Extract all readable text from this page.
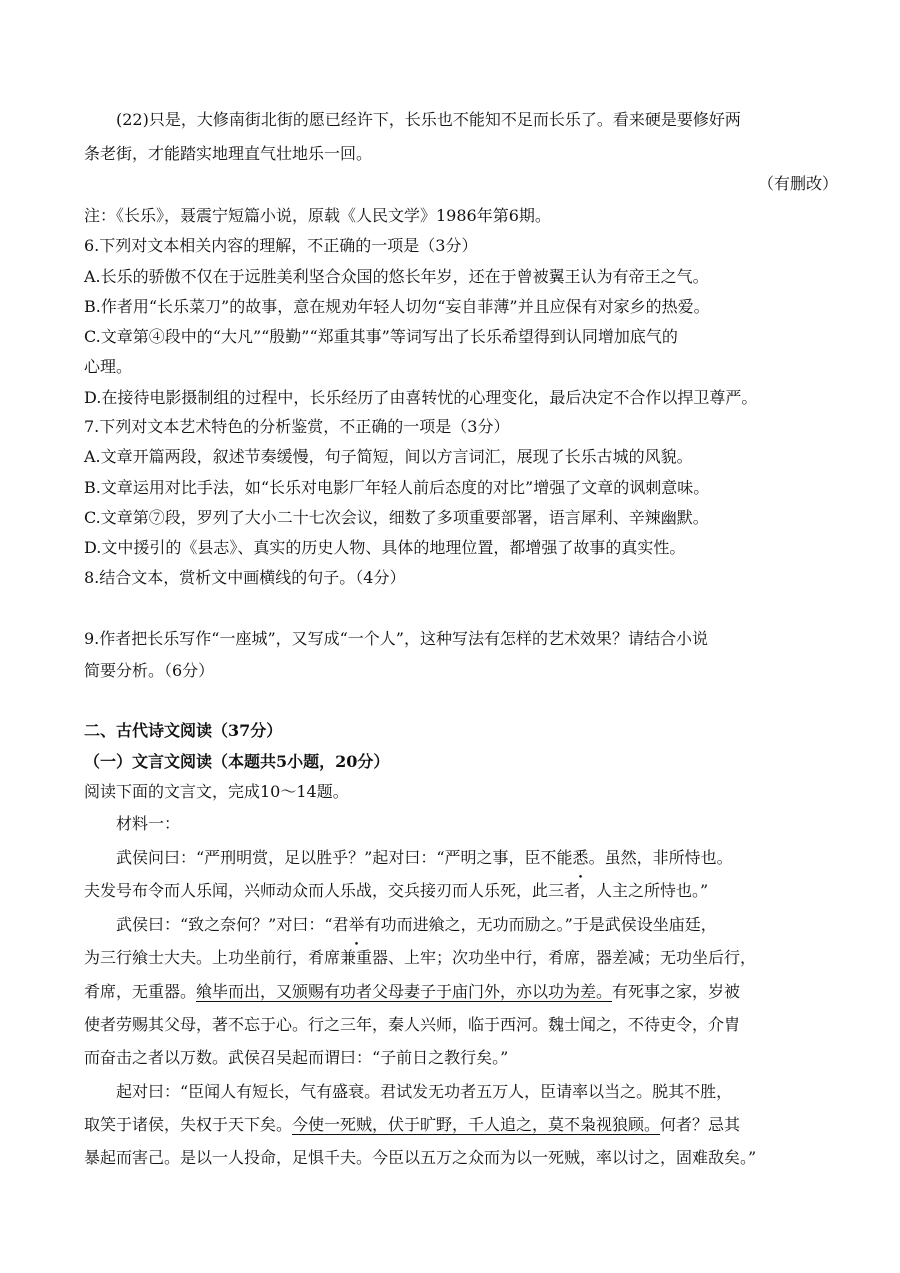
(22)只是，大修南街北街的愿已经许下，长乐也不能知不足而长乐了。看来硬是要修好两
条老街，才能踏实地理直气壮地乐一回。
（有删改）
注：《长乐》，聂震宁短篇小说，原载《人民文学》1986年第6期。
6.下列对文本相关内容的理解，不正确的一项是（3分）
A.长乐的骄傲不仅在于远胜美利坚合众国的悠长年岁，还在于曾被翼王认为有帝王之气。
B.作者用“长乐菜刀”的故事，意在规劝年轻人切勿“妄自菲薄”并且应保有对家乡的热爱。
C.文章第④段中的“大凡”“殷勤”“郑重其事”等词写出了长乐希望得到认同增加底气的
心理。
D.在接待电影摄制组的过程中，长乐经历了由喜转忧的心理变化，最后决定不合作以捍卫尊严。
7.下列对文本艺术特色的分析鉴赏，不正确的一项是（3分）
A.文章开篇两段，叙述节奏缓慢，句子简短，间以方言词汇，展现了长乐古城的风貌。
B.文章运用对比手法，如“长乐对电影厂年轻人前后态度的对比”增强了文章的讽刺意味。
C.文章第⑦段，罗列了大小二十七次会议，细数了多项重要部署，语言犀利、辛辣幽默。
D.文中援引的《县志》、真实的历史人物、具体的地理位置，都增强了故事的真实性。
8.结合文本，赏析文中画横线的句子。（4分）
9.作者把长乐写作“一座城”，又写成“一个人”，这种写法有怎样的艺术效果？请结合小说
简要分析。（6分）
二、古代诗文阅读（37分）
（一）文言文阅读（本题共5小题，20分）
阅读下面的文言文，完成10～14题。
材料一：
武侯问曰：“严刑明赏，足以胜乎？”起对曰：“严明之事，臣不能悉。虽然，非所恃也。
夫发号布令而人乐闻，兴师动众而人乐战，交兵接刃而人乐死，此三者，人主之所恃也。”
武侯曰：“致之奈何？”对曰：“君举有功而进飨之，无功而励之。”于是武侯设坐庙廷，
为三行飨士大夫。上功坐前行，肴席兼重器、上牢；次功坐中行，肴席，器差减；无功坐后行，
肴席，无重器。飨毕而出，又颁赐有功者父母妻子于庙门外，亦以功为差。有死事之家，岁被
使者劳赐其父母，著不忘于心。行之三年，秦人兴师，临于西河。魏士闻之，不待吏令，介胄
而奋击之者以万数。武侯召吴起而谓曰：“子前日之教行矣。”
起对曰：“臣闻人有短长，气有盛衰。君试发无功者五万人，臣请率以当之。脱其不胜，
取笑于诸侯，失权于天下矣。今使一死贼，伏于旷野，千人追之，莫不枭视狼顾。何者？忌其
暴起而害己。是以一人投命，足惧千夫。今臣以五万之众而为以一死贼，率以讨之，固难敌矣。”
